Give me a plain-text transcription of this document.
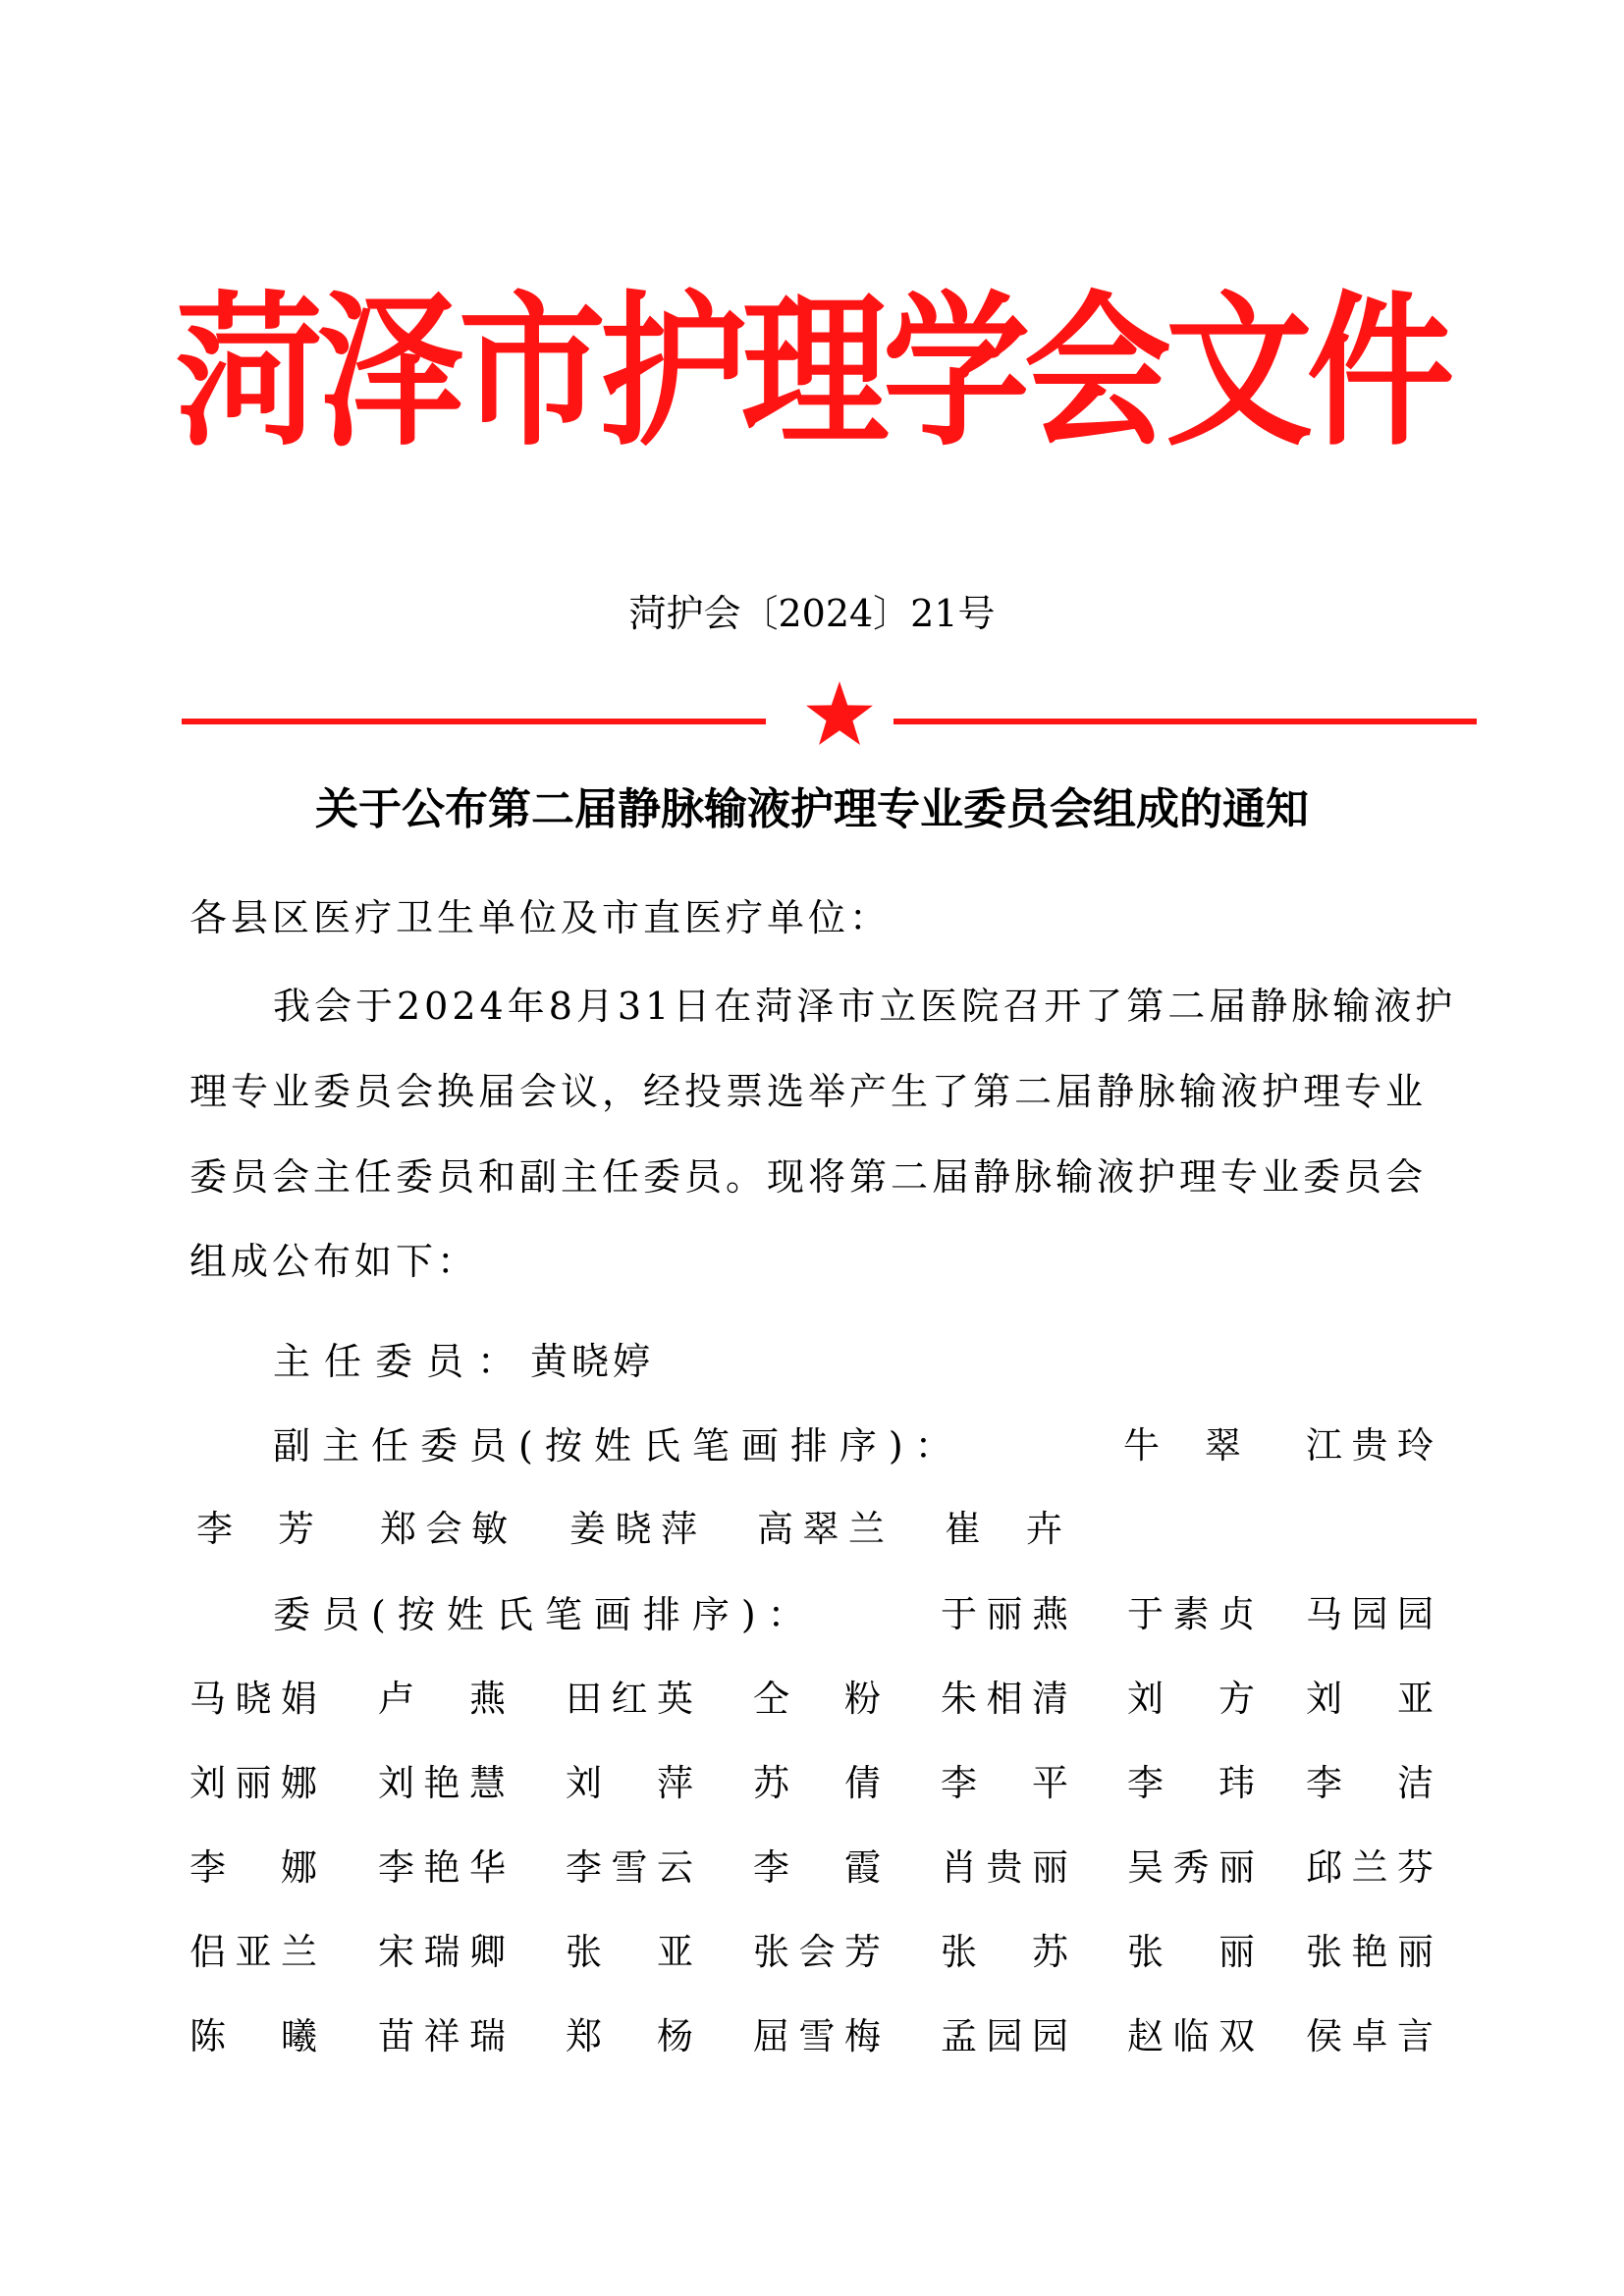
菏泽市护理学会文件
菏护会〔2024〕21号
关于公布第二届静脉输液护理专业委员会组成的通知
各县区医疗卫生单位及市直医疗单位：
我会于2024年8月31日在菏泽市立医院召开了第二届静脉输液护
理专业委员会换届会议，经投票选举产生了第二届静脉输液护理专业
委员会主任委员和副主任委员。现将第二届静脉输液护理专业委员会
组成公布如下：
主任委员： 黄晓婷
副主任委员(按姓氏笔画排序)：	牛 翠 江贵玲
李 芳 郑会敏 姜晓萍 高翠兰 崔 卉
委员(按姓氏笔画排序)：	于丽燕 于素贞 马园园
马晓娟 卢 燕 田红英 仝 粉 朱相清 刘 方 刘 亚
刘丽娜 刘艳慧 刘 萍 苏 倩 李 平 李 玮 李 洁
李 娜 李艳华 李雪云 李 霞 肖贵丽 吴秀丽 邱兰芬
侣亚兰 宋瑞卿 张 亚 张会芳 张 苏 张 丽 张艳丽
陈 曦 苗祥瑞 郑 杨 屈雪梅 孟园园 赵临双 侯卓言
